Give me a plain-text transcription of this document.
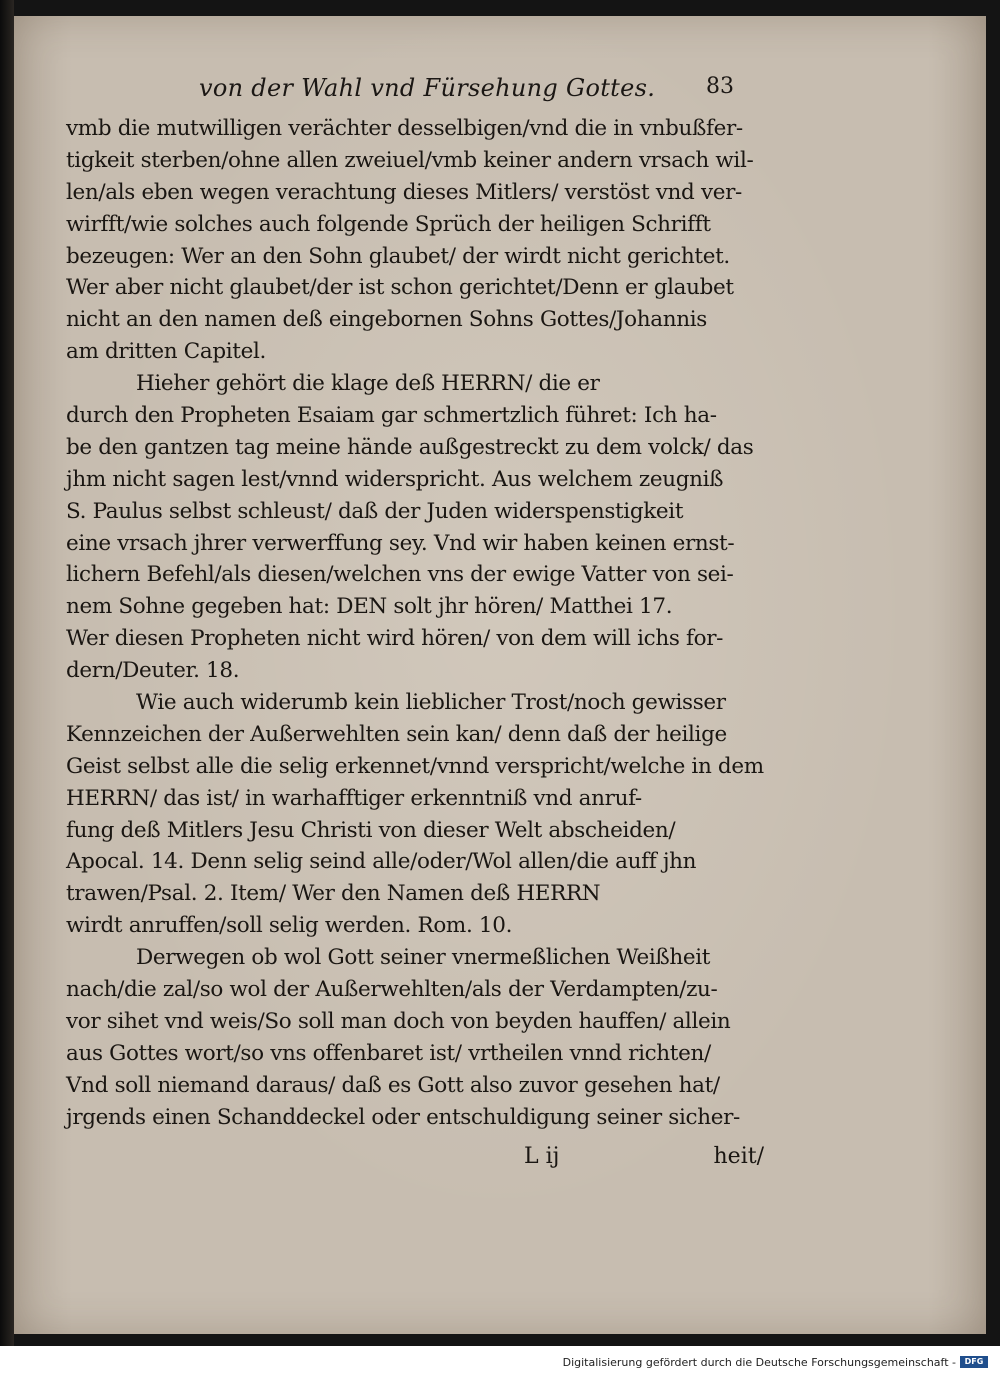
von der Wahl vnd Fürsehung Gottes. 83
vmb die mutwilligen verächter desselbigen/vnd die in vnbußfer-
tigkeit sterben/ohne allen zweiuel/vmb keiner andern vrsach wil-
len/als eben wegen verachtung dieses Mitlers/ verstöst vnd ver-
wirfft/wie solches auch folgende Sprüch der heiligen Schrifft
bezeugen: Wer an den Sohn glaubet/ der wirdt nicht gerichtet.
Wer aber nicht glaubet/der ist schon gerichtet/Denn er glaubet
nicht an den namen deß eingebornen Sohns Gottes/Johannis
am dritten Capitel.
Hieher gehört die klage deß HERRN/ die er
durch den Propheten Esaiam gar schmertzlich führet: Ich ha-
be den gantzen tag meine hände außgestreckt zu dem volck/ das
jhm nicht sagen lest/vnnd widerspricht. Aus welchem zeugniß
S. Paulus selbst schleust/ daß der Juden widerspenstigkeit
eine vrsach jhrer verwerffung sey. Vnd wir haben keinen ernst-
lichern Befehl/als diesen/welchen vns der ewige Vatter von sei-
nem Sohne gegeben hat: DEN solt jhr hören/ Matthei 17.
Wer diesen Propheten nicht wird hören/ von dem will ichs for-
dern/Deuter. 18.
Wie auch widerumb kein lieblicher Trost/noch gewisser
Kennzeichen der Außerwehlten sein kan/ denn daß der heilige
Geist selbst alle die selig erkennet/vnnd verspricht/welche in dem
HERRN/ das ist/ in warhafftiger erkenntniß vnd anruf-
fung deß Mitlers Jesu Christi von dieser Welt abscheiden/
Apocal. 14. Denn selig seind alle/oder/Wol allen/die auff jhn
trawen/Psal. 2. Item/ Wer den Namen deß HERRN
wirdt anruffen/soll selig werden. Rom. 10.
Derwegen ob wol Gott seiner vnermeßlichen Weißheit
nach/die zal/so wol der Außerwehlten/als der Verdampten/zu-
vor sihet vnd weis/So soll man doch von beyden hauffen/ allein
aus Gottes wort/so vns offenbaret ist/ vrtheilen vnnd richten/
Vnd soll niemand daraus/ daß es Gott also zuvor gesehen hat/
jrgends einen Schanddeckel oder entschuldigung seiner sicher-
L ij	heit/
Digitalisierung gefördert durch die Deutsche Forschungsgemeinschaft -	DFG
